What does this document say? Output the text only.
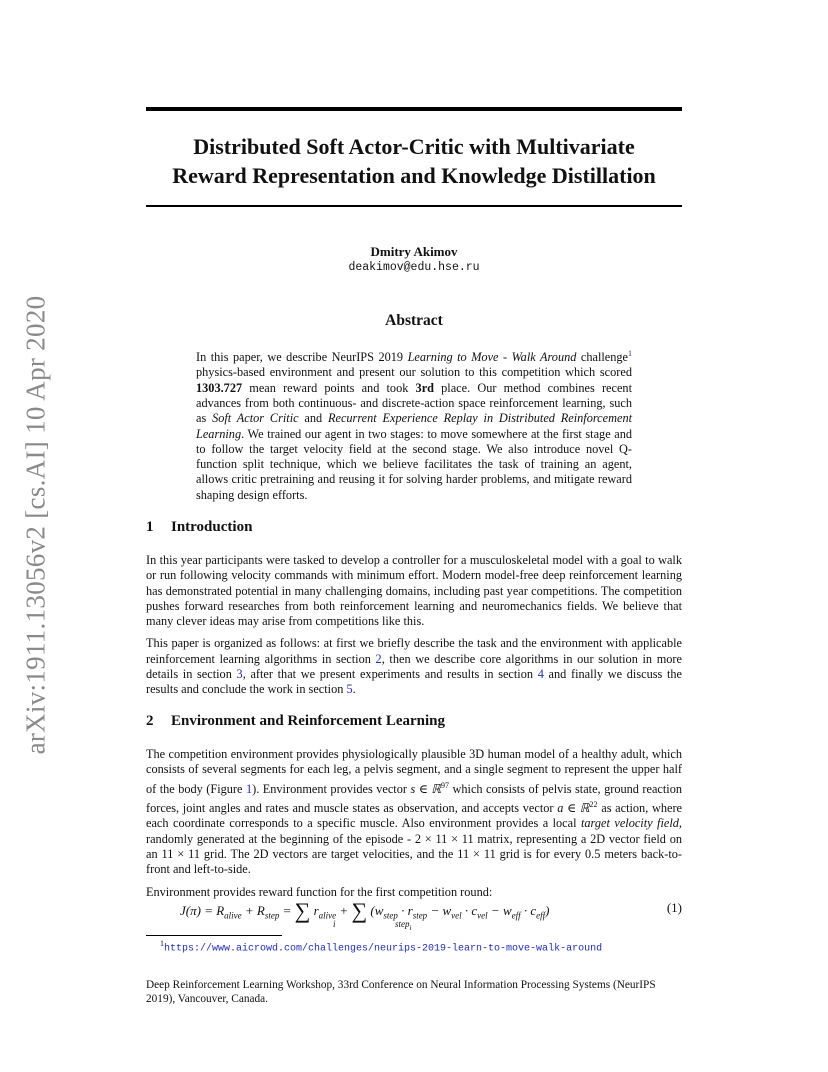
arXiv:1911.13056v2 [cs.AI] 10 Apr 2020
Distributed Soft Actor-Critic with Multivariate
Reward Representation and Knowledge Distillation
Dmitry Akimov
deakimov@edu.hse.ru
Abstract
In this paper, we describe NeurIPS 2019 Learning to Move - Walk Around challenge$^1$ physics-based environment and present our solution to this competition which scored 1303.727 mean reward points and took 3rd place. Our method combines recent advances from both continuous- and discrete-action space reinforcement learning, such as Soft Actor Critic and Recurrent Experience Replay in Distributed Reinforcement Learning. We trained our agent in two stages: to move somewhere at the first stage and to follow the target velocity field at the second stage. We also introduce novel Q-function split technique, which we believe facilitates the task of training an agent, allows critic pretraining and reusing it for solving harder problems, and mitigate reward shaping design efforts.
1 Introduction

In this year participants were tasked to develop a controller for a musculoskeletal model with a goal to walk or run following velocity commands with minimum effort. Modern model-free deep reinforcement learning has demonstrated potential in many challenging domains, including past year competitions. The competition pushes forward researches from both reinforcement learning and neuromechanics fields. We believe that many clever ideas may arise from competitions like this.

This paper is organized as follows: at first we briefly describe the task and the environment with applicable reinforcement learning algorithms in section 2, then we describe core algorithms in our solution in more details in section 3, after that we present experiments and results in section 4 and finally we discuss the results and conclude the work in section 5.

2 Environment and Reinforcement Learning

The competition environment provides physiologically plausible 3D human model of a healthy adult, which consists of several segments for each leg, a pelvis segment, and a single segment to represent the upper half of the body (Figure 1). Environment provides vector s ∈ ℝ$^{97}$ which consists of pelvis state, ground reaction forces, joint angles and rates and muscle states as observation, and accepts vector a ∈ ℝ$^{22}$ as action, where each coordinate corresponds to a specific muscle. Also environment provides a local target velocity field, randomly generated at the beginning of the episode - 2 × 11 × 11 matrix, representing a 2D vector field on an 11 × 11 grid. The 2D vectors are target velocities, and the 11 × 11 grid is for every 0.5 meters back-to-front and left-to-side.

Environment provides reward function for the first competition round:

$J(\pi) = R_{alive} + R_{step}$ = ∑ $r_{alive}$ + ∑ $(w_{step} \cdot r_{step} - w_{vel} \cdot c_{vel} - w_{eff} \cdot c_{eff})$
i	step$_i$
(1)
$^1$https://www.aicrowd.com/challenges/neurips-2019-learn-to-move-walk-around
Deep Reinforcement Learning Workshop, 33rd Conference on Neural Information Processing Systems (NeurIPS 2019), Vancouver, Canada.
